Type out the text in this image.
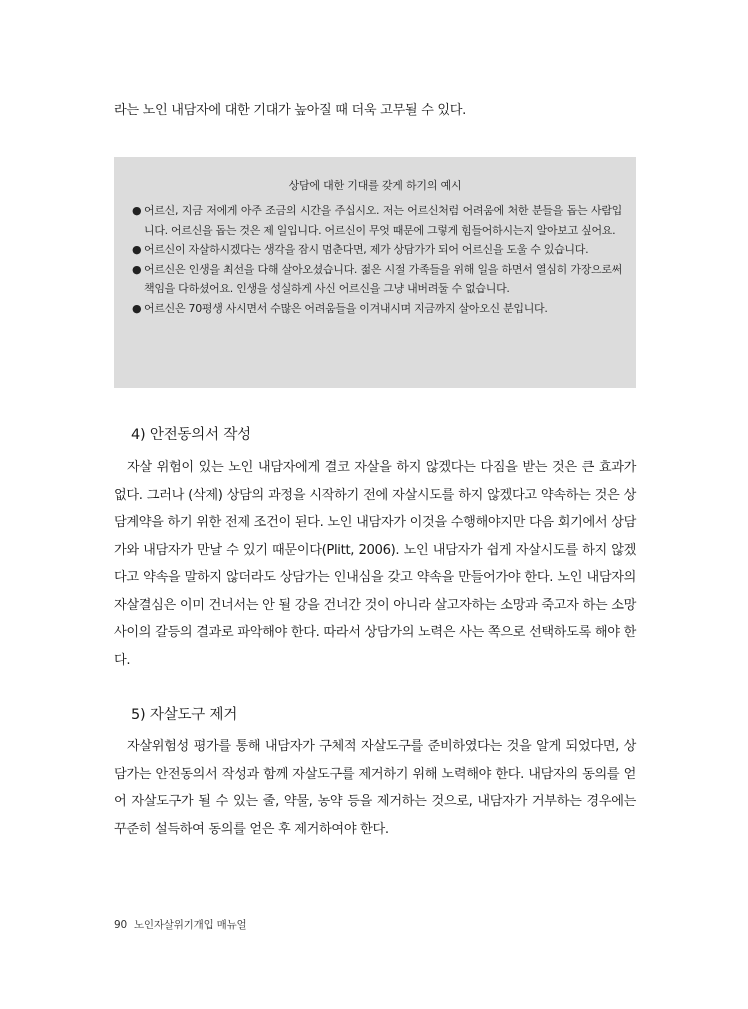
라는 노인 내담자에 대한 기대가 높아질 때 더욱 고무될 수 있다.

상담에 대한 기대를 갖게 하기의 예시
● 어르신, 지금 저에게 아주 조금의 시간을 주십시오. 저는 어르신처럼 어려움에 처한 분들을 돕는 사람입니다. 어르신을 돕는 것은 제 일입니다. 어르신이 무엇 때문에 그렇게 힘들어하시는지 알아보고 싶어요.
● 어르신이 자살하시겠다는 생각을 잠시 멈춘다면, 제가 상담가가 되어 어르신을 도울 수 있습니다.
● 어르신은 인생을 최선을 다해 살아오셨습니다. 젊은 시절 가족들을 위해 일을 하면서 열심히 가장으로써 책임을 다하셨어요. 인생을 성실하게 사신 어르신을 그냥 내버려둘 수 없습니다.
● 어르신은 70평생 사시면서 수많은 어려움들을 이겨내시며 지금까지 살아오신 분입니다.
4) 안전동의서 작성

자살 위험이 있는 노인 내담자에게 결코 자살을 하지 않겠다는 다짐을 받는 것은 큰 효과가 없다. 그러나 (삭제) 상담의 과정을 시작하기 전에 자살시도를 하지 않겠다고 약속하는 것은 상담계약을 하기 위한 전제 조건이 된다. 노인 내담자가 이것을 수행해야지만 다음 회기에서 상담가와 내담자가 만날 수 있기 때문이다(Plitt, 2006). 노인 내담자가 쉽게 자살시도를 하지 않겠다고 약속을 말하지 않더라도 상담가는 인내심을 갖고 약속을 만들어가야 한다. 노인 내담자의 자살결심은 이미 건너서는 안 될 강을 건너간 것이 아니라 살고자하는 소망과 죽고자 하는 소망 사이의 갈등의 결과로 파악해야 한다. 따라서 상담가의 노력은 사는 쪽으로 선택하도록 해야 한다.

5) 자살도구 제거

자살위험성 평가를 통해 내담자가 구체적 자살도구를 준비하였다는 것을 알게 되었다면, 상담가는 안전동의서 작성과 함께 자살도구를 제거하기 위해 노력해야 한다. 내담자의 동의를 얻어 자살도구가 될 수 있는 줄, 약물, 농약 등을 제거하는 것으로, 내담자가 거부하는 경우에는 꾸준히 설득하여 동의를 얻은 후 제거하여야 한다.

90 노인자살위기개입 매뉴얼
